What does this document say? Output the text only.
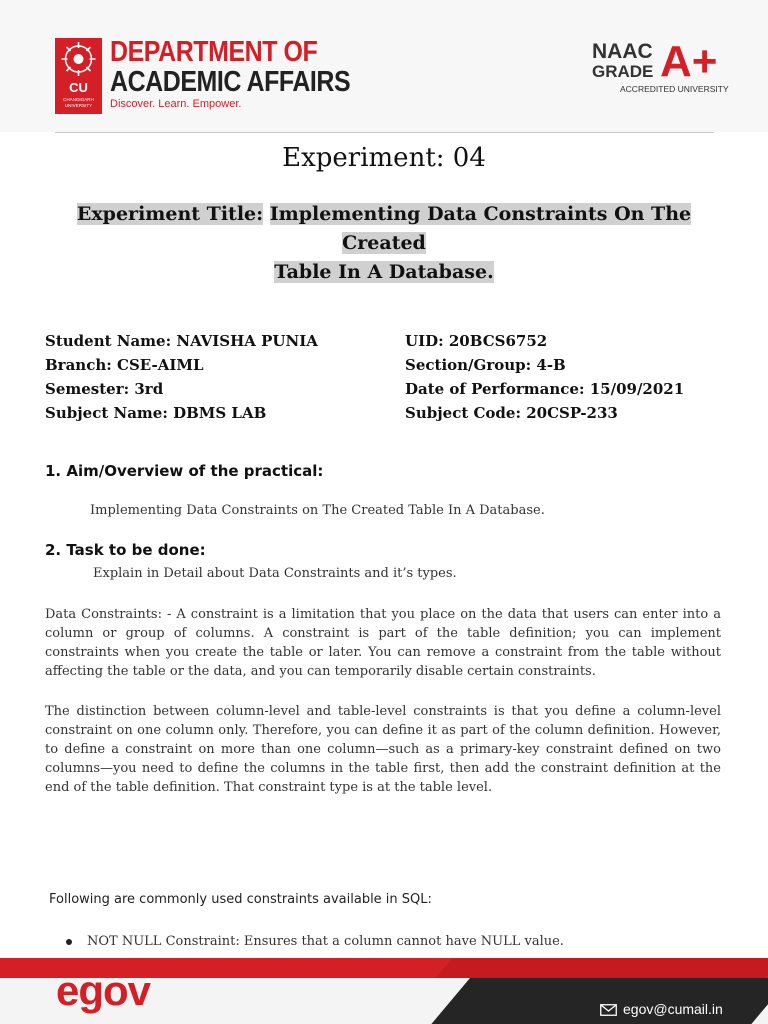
CU
CHANDIGARH UNIVERSITY
DEPARTMENT OF
ACADEMIC AFFAIRS
Discover. Learn. Empower.
NAAC
GRADE A+
ACCREDITED UNIVERSITY
Experiment: 04
Experiment Title: Implementing Data Constraints On The Created
Table In A Database.
Student Name: NAVISHA PUNIA	UID: 20BCS6752
Branch: CSE-AIML	Section/Group: 4-B
Semester: 3rd	Date of Performance: 15/09/2021
Subject Name: DBMS LAB	Subject Code: 20CSP-233
1. Aim/Overview of the practical:
Implementing Data Constraints on The Created Table In A Database.
2. Task to be done:
Explain in Detail about Data Constraints and it’s types.
Data Constraints: - A constraint is a limitation that you place on the data that users can enter into a column or group of columns. A constraint is part of the table definition; you can implement constraints when you create the table or later. You can remove a constraint from the table without affecting the table or the data, and you can temporarily disable certain constraints.
The distinction between column-level and table-level constraints is that you define a column-level constraint on one column only. Therefore, you can define it as part of the column definition. However, to define a constraint on more than one column—such as a primary-key constraint defined on two columns—you need to define the columns in the table first, then add the constraint definition at the end of the table definition. That constraint type is at the table level.
Following are commonly used constraints available in SQL:
NOT NULL Constraint: Ensures that a column cannot have NULL value.
egov	egov@cumail.in
